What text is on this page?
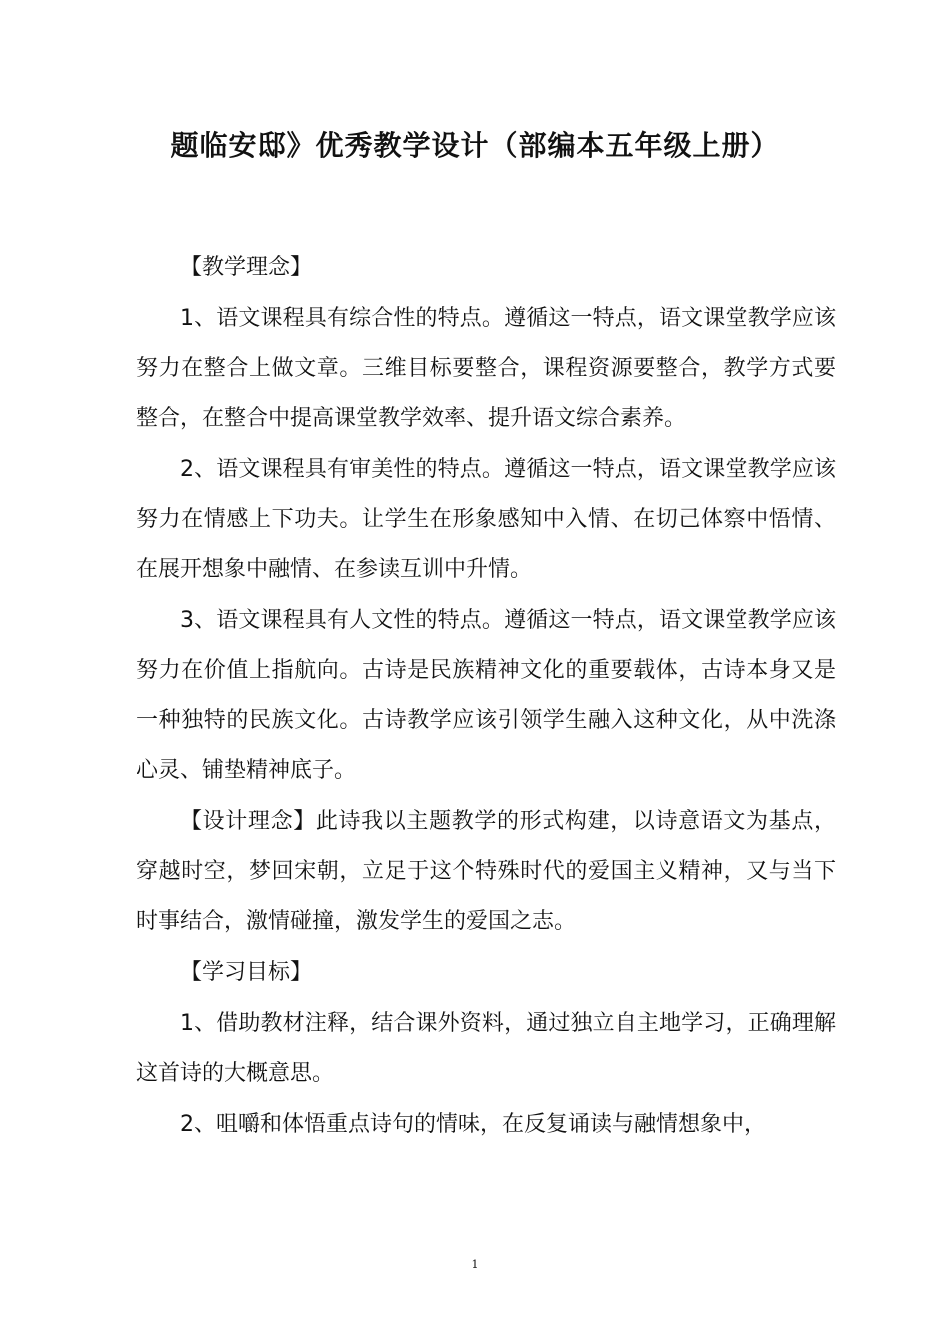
题临安邸》优秀教学设计（部编本五年级上册）

【教学理念】

1、语文课程具有综合性的特点。遵循这一特点，语文课堂教学应该努力在整合上做文章。三维目标要整合，课程资源要整合，教学方式要整合，在整合中提高课堂教学效率、提升语文综合素养。

2、语文课程具有审美性的特点。遵循这一特点，语文课堂教学应该努力在情感上下功夫。让学生在形象感知中入情、在切己体察中悟情、在展开想象中融情、在参读互训中升情。

3、语文课程具有人文性的特点。遵循这一特点，语文课堂教学应该努力在价值上指航向。古诗是民族精神文化的重要载体，古诗本身又是一种独特的民族文化。古诗教学应该引领学生融入这种文化，从中洗涤心灵、铺垫精神底子。

【设计理念】此诗我以主题教学的形式构建，以诗意语文为基点，穿越时空，梦回宋朝，立足于这个特殊时代的爱国主义精神，又与当下时事结合，激情碰撞，激发学生的爱国之志。

【学习目标】

1、借助教材注释，结合课外资料，通过独立自主地学习，正确理解这首诗的大概意思。

2、咀嚼和体悟重点诗句的情味，在反复诵读与融情想象中，

1
